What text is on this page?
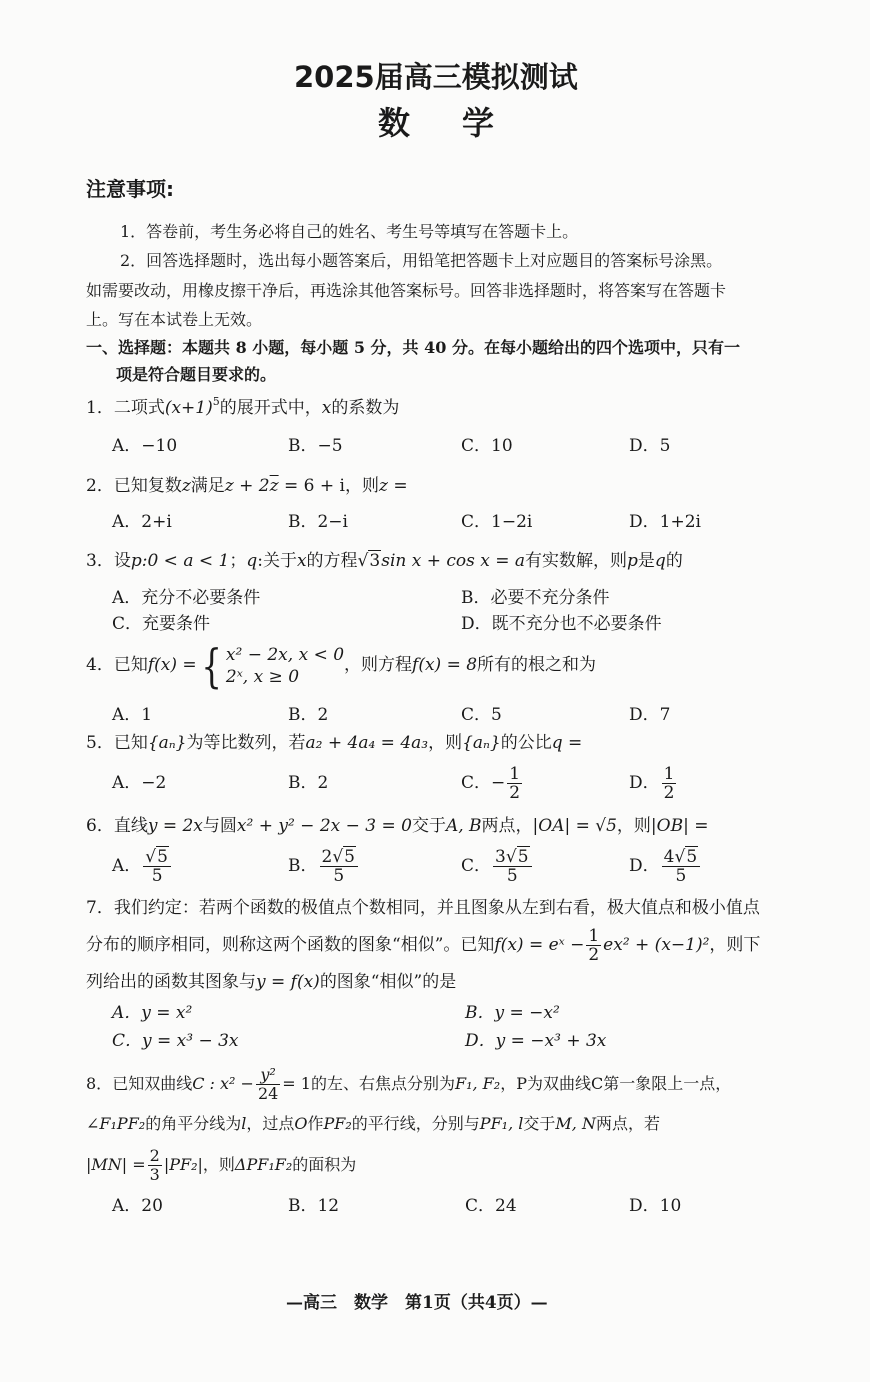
2025届高三模拟测试
数　学
注意事项:
1．答卷前，考生务必将自己的姓名、考生号等填写在答题卡上。
2．回答选择题时，选出每小题答案后，用铅笔把答题卡上对应题目的答案标号涂黑。
如需要改动，用橡皮擦干净后，再选涂其他答案标号。回答非选择题时，将答案写在答题卡
上。写在本试卷上无效。
一、选择题：本题共 8 小题，每小题 5 分，共 40 分。在每小题给出的四个选项中，只有一
项是符合题目要求的。
1．二项式$(x+1)^5$的展开式中，x的系数为
A．−10	B．−5	C．10	D．5
2．已知复数z满足$z + 2\overline{z} = 6 + i$，则z =
A．2+i	B．2−i	C．1−2i	D．1+2i
3．设p:0 < a < 1；q:关于x的方程√3sin x + cos x = a有实数解，则p是q的
A．充分不必要条件	B．必要不充分条件
C．充要条件	D．既不充分也不必要条件
4．已知f(x) ={ x² − 2x, x < 0
2ˣ, x ≥ 0
，则方程f(x) = 8所有的根之和为
A．1	B．2	C．5	D．7
5．已知{aₙ}为等比数列，若a₂ + 4a₄ = 4a₃，则{aₙ}的公比q =
A．−2	B．2	C．− $\frac{1}{2}$	D． $\frac{1}{2}$
6．直线y = 2x与圆x² + y² − 2x − 3 = 0交于A, B两点，|OA| = √5，则|OB| =
A． $\frac{√5}{5}$	B． $\frac{2√5}{5}$	C． $\frac{3√5}{5}$	D． $\frac{4√5}{5}$
7．我们约定：若两个函数的极值点个数相同，并且图象从左到右看，极大值点和极小值点
分布的顺序相同，则称这两个函数的图象“相似”。已知f(x) = eˣ − $\frac{1}{2} ex^2 + (x-1)^2$，则下
列给出的函数其图象与y = f(x)的图象“相似”的是
A．y = x²	B．y = −x²
C．y = x³ − 3x	D．y = −x³ + 3x
8．已知双曲线C : $x^2 - \frac{\text{y²}}{24} = 1$的左、右焦点分别为F₁, F₂，P为双曲线C第一象限上一点，
∠F₁PF₂的角平分线为l，过点O作PF₂的平行线，分别与PF₁, l交于M, N两点，若
$|MN| = \frac{2}{3} |PF_2|$，则ΔPF₁F₂的面积为
A．20	B．12	C．24	D．10
—高三　数学　第1页（共4页）—
